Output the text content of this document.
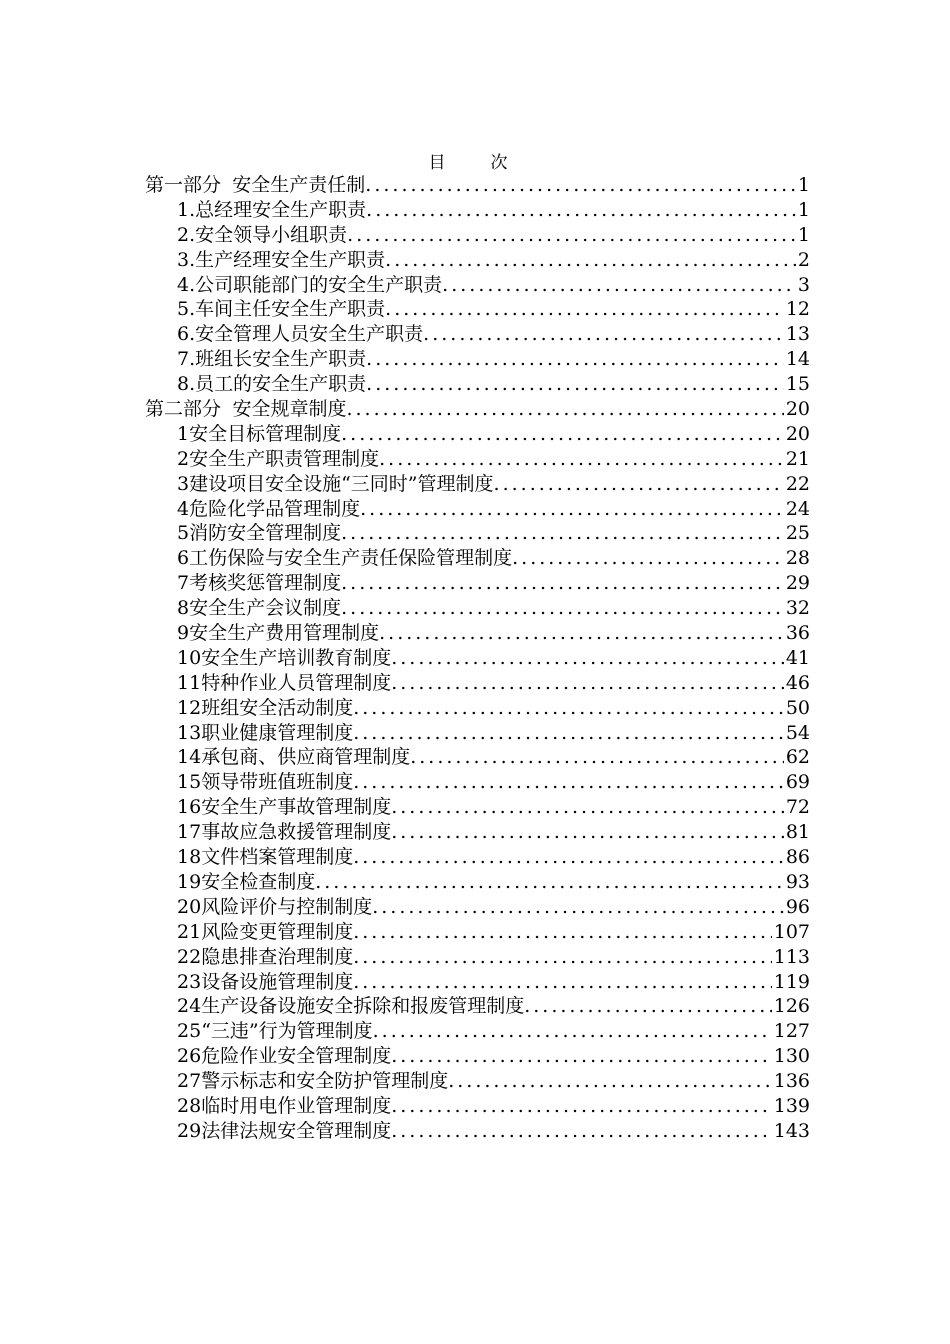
目　次
第一部分 安全生产责任制 .....	1
1. 总经理安全生产职责 .....	1
2. 安全领导小组职责 .....	1
3. 生产经理安全生产职责 .....	2
4. 公司职能部门的安全生产职责 .....	3
5. 车间主任安全生产职责 .....	12
6. 安全管理人员安全生产职责 .....	13
7. 班组长安全生产职责 .....	14
8. 员工的安全生产职责 .....	15
第二部分 安全规章制度 .....	20
1 安全目标管理制度 .....	20
2 安全生产职责管理制度 .....	21
3 建设项目安全设施“三同时”管理制度 .....	22
4 危险化学品管理制度 .....	24
5 消防安全管理制度 .....	25
6 工伤保险与安全生产责任保险管理制度 .....	28
7 考核奖惩管理制度 .....	29
8 安全生产会议制度 .....	32
9 安全生产费用管理制度 .....	36
10 安全生产培训教育制度 .....	41
11 特种作业人员管理制度 .....	46
12 班组安全活动制度 .....	50
13 职业健康管理制度 .....	54
14 承包商、供应商管理制度 .....	62
15 领导带班值班制度 .....	69
16 安全生产事故管理制度 .....	72
17 事故应急救援管理制度 .....	81
18 文件档案管理制度 .....	86
19 安全检查制度 .....	93
20 风险评价与控制制度 .....	96
21 风险变更管理制度 .....	107
22 隐患排查治理制度 .....	113
23 设备设施管理制度 .....	119
24 生产设备设施安全拆除和报废管理制度 .....	126
25 “三违”行为管理制度 .....	127
26 危险作业安全管理制度 .....	130
27 警示标志和安全防护管理制度 .....	136
28 临时用电作业管理制度 .....	139
29 法律法规安全管理制度 .....	143
